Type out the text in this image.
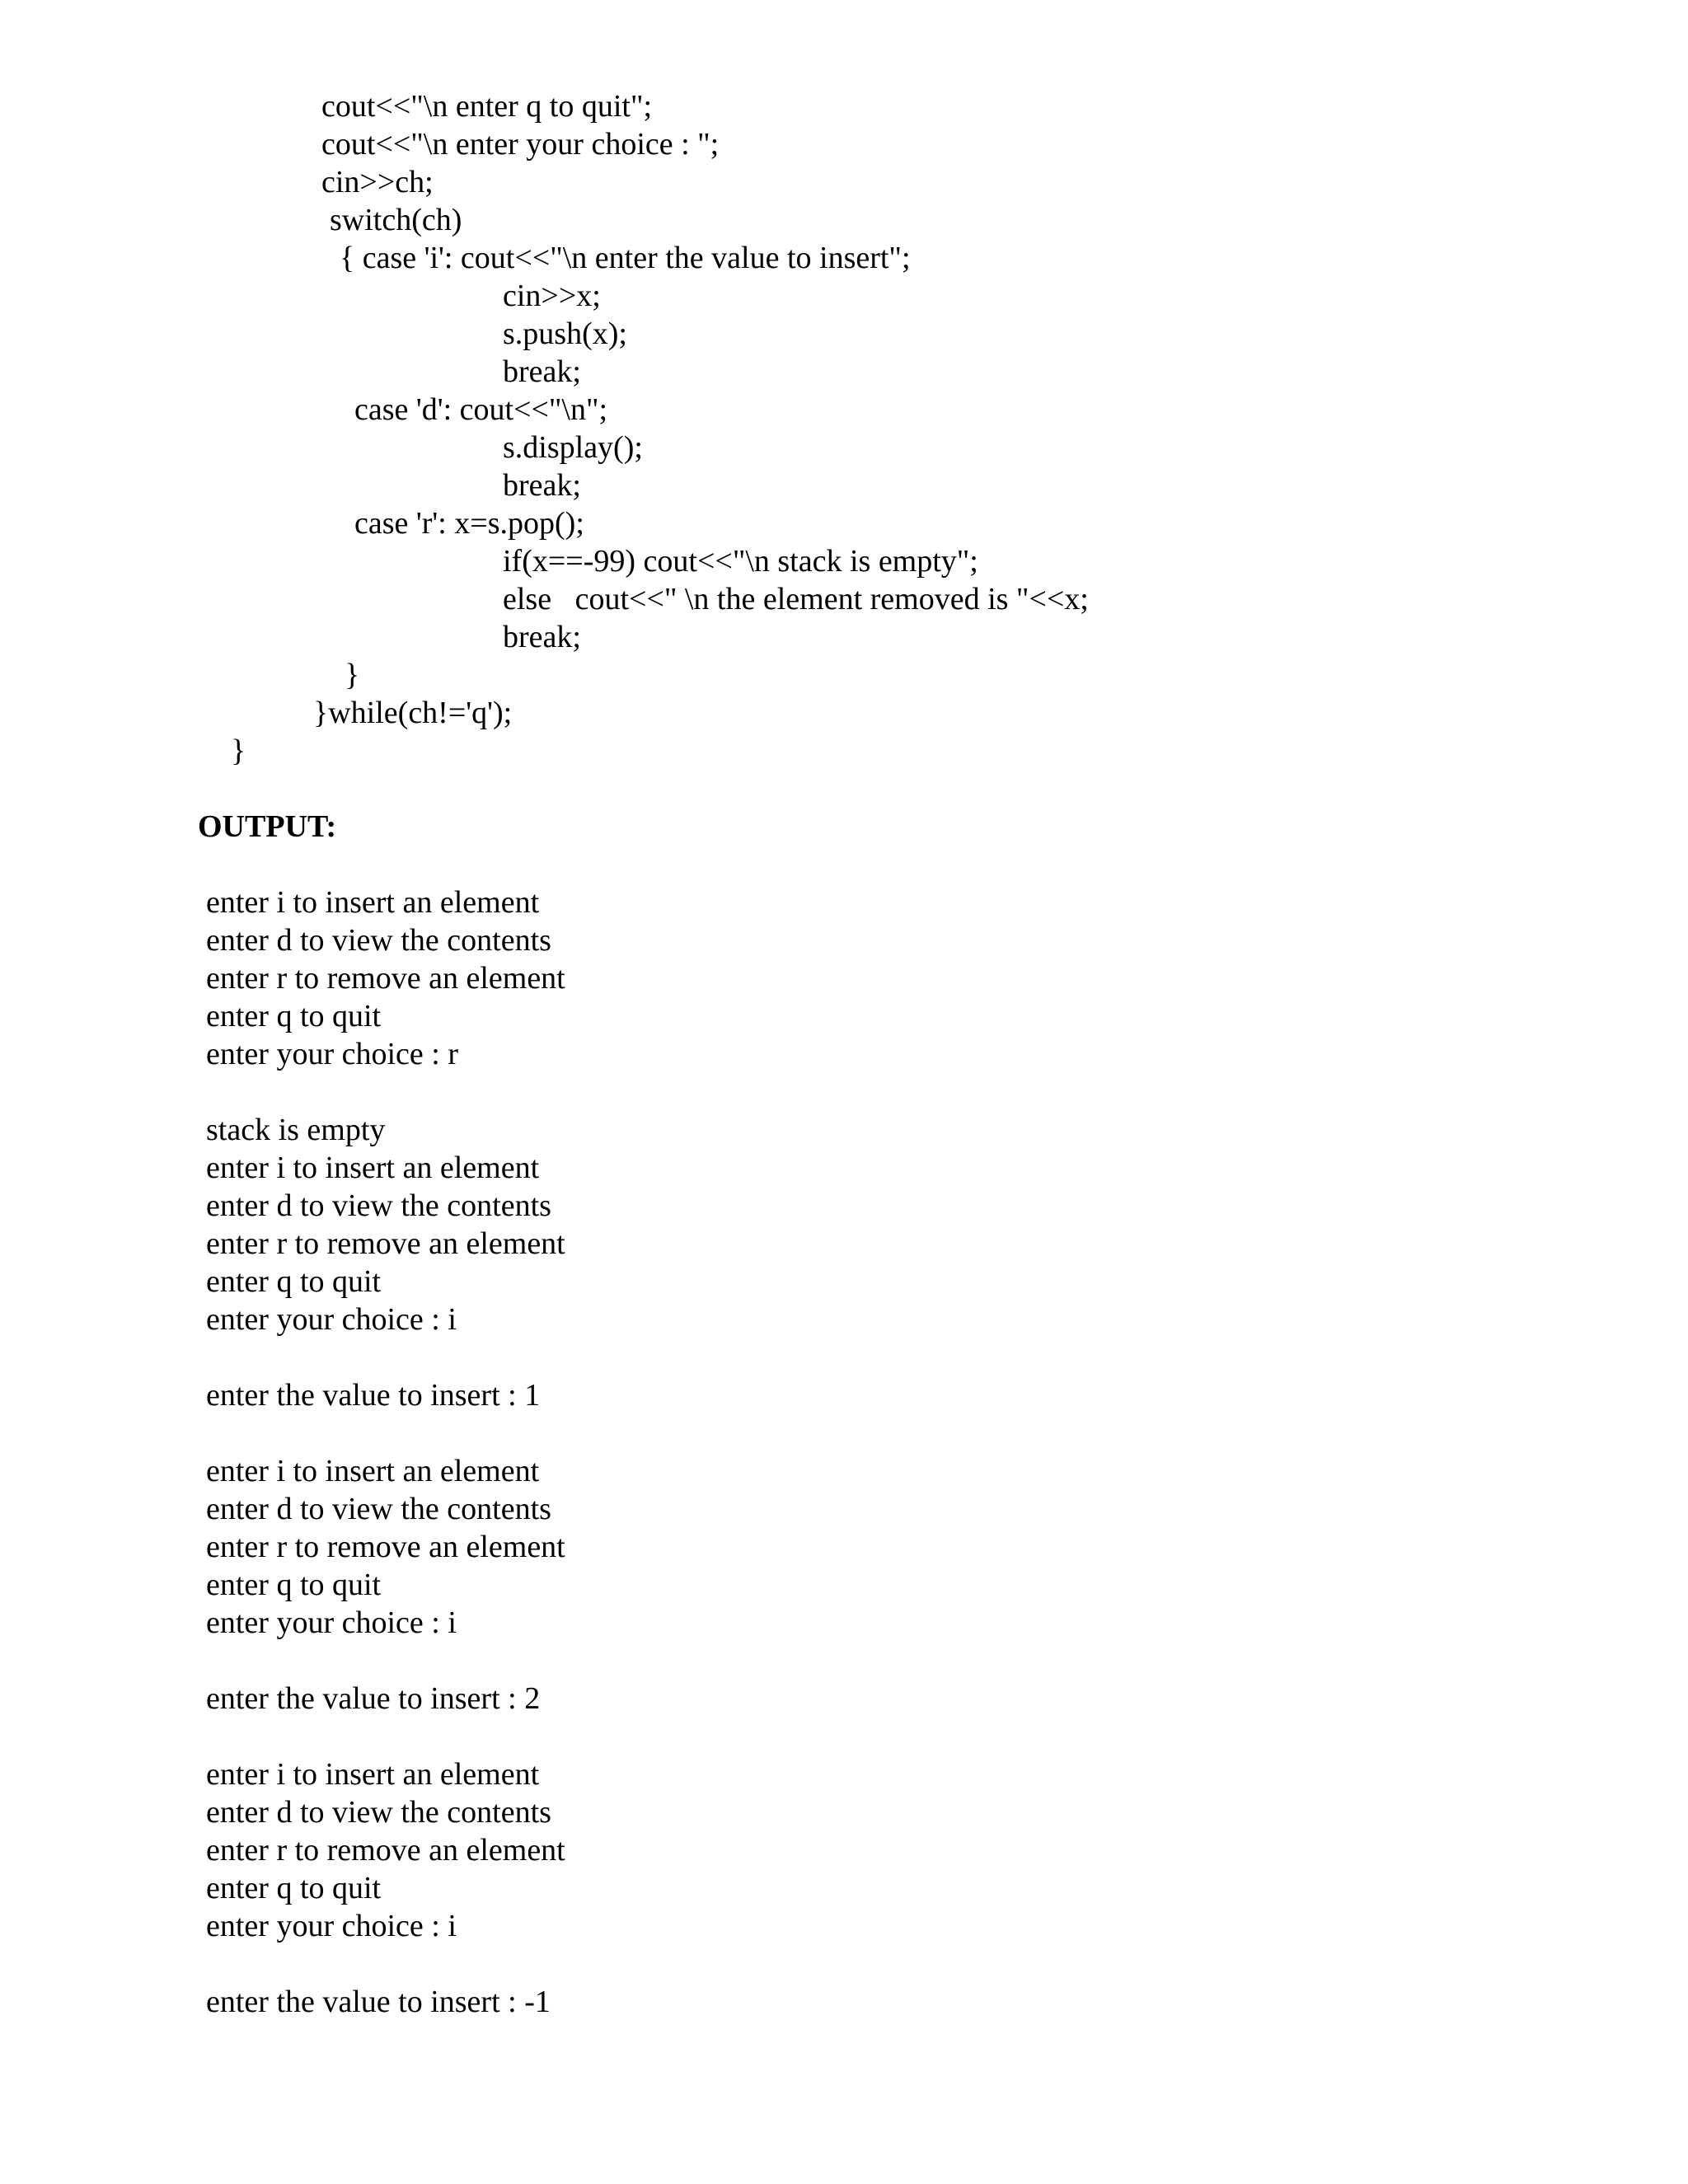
cout<<"\n enter q to quit";
cout<<"\n enter your choice : ";
cin>>ch;
switch(ch)
{ case 'i': cout<<"\n enter the value to insert";
cin>>x;
s.push(x);
break;
case 'd': cout<<"\n";
s.display();
break;
case 'r': x=s.pop();
if(x==-99) cout<<"\n stack is empty";
else   cout<<" \n the element removed is "<<x;
break;
}
}while(ch!='q');
}
OUTPUT:
enter i to insert an element
enter d to view the contents
enter r to remove an element
enter q to quit
enter your choice : r
stack is empty
enter i to insert an element
enter d to view the contents
enter r to remove an element
enter q to quit
enter your choice : i
enter the value to insert : 1
enter i to insert an element
enter d to view the contents
enter r to remove an element
enter q to quit
enter your choice : i
enter the value to insert : 2
enter i to insert an element
enter d to view the contents
enter r to remove an element
enter q to quit
enter your choice : i
enter the value to insert : -1
